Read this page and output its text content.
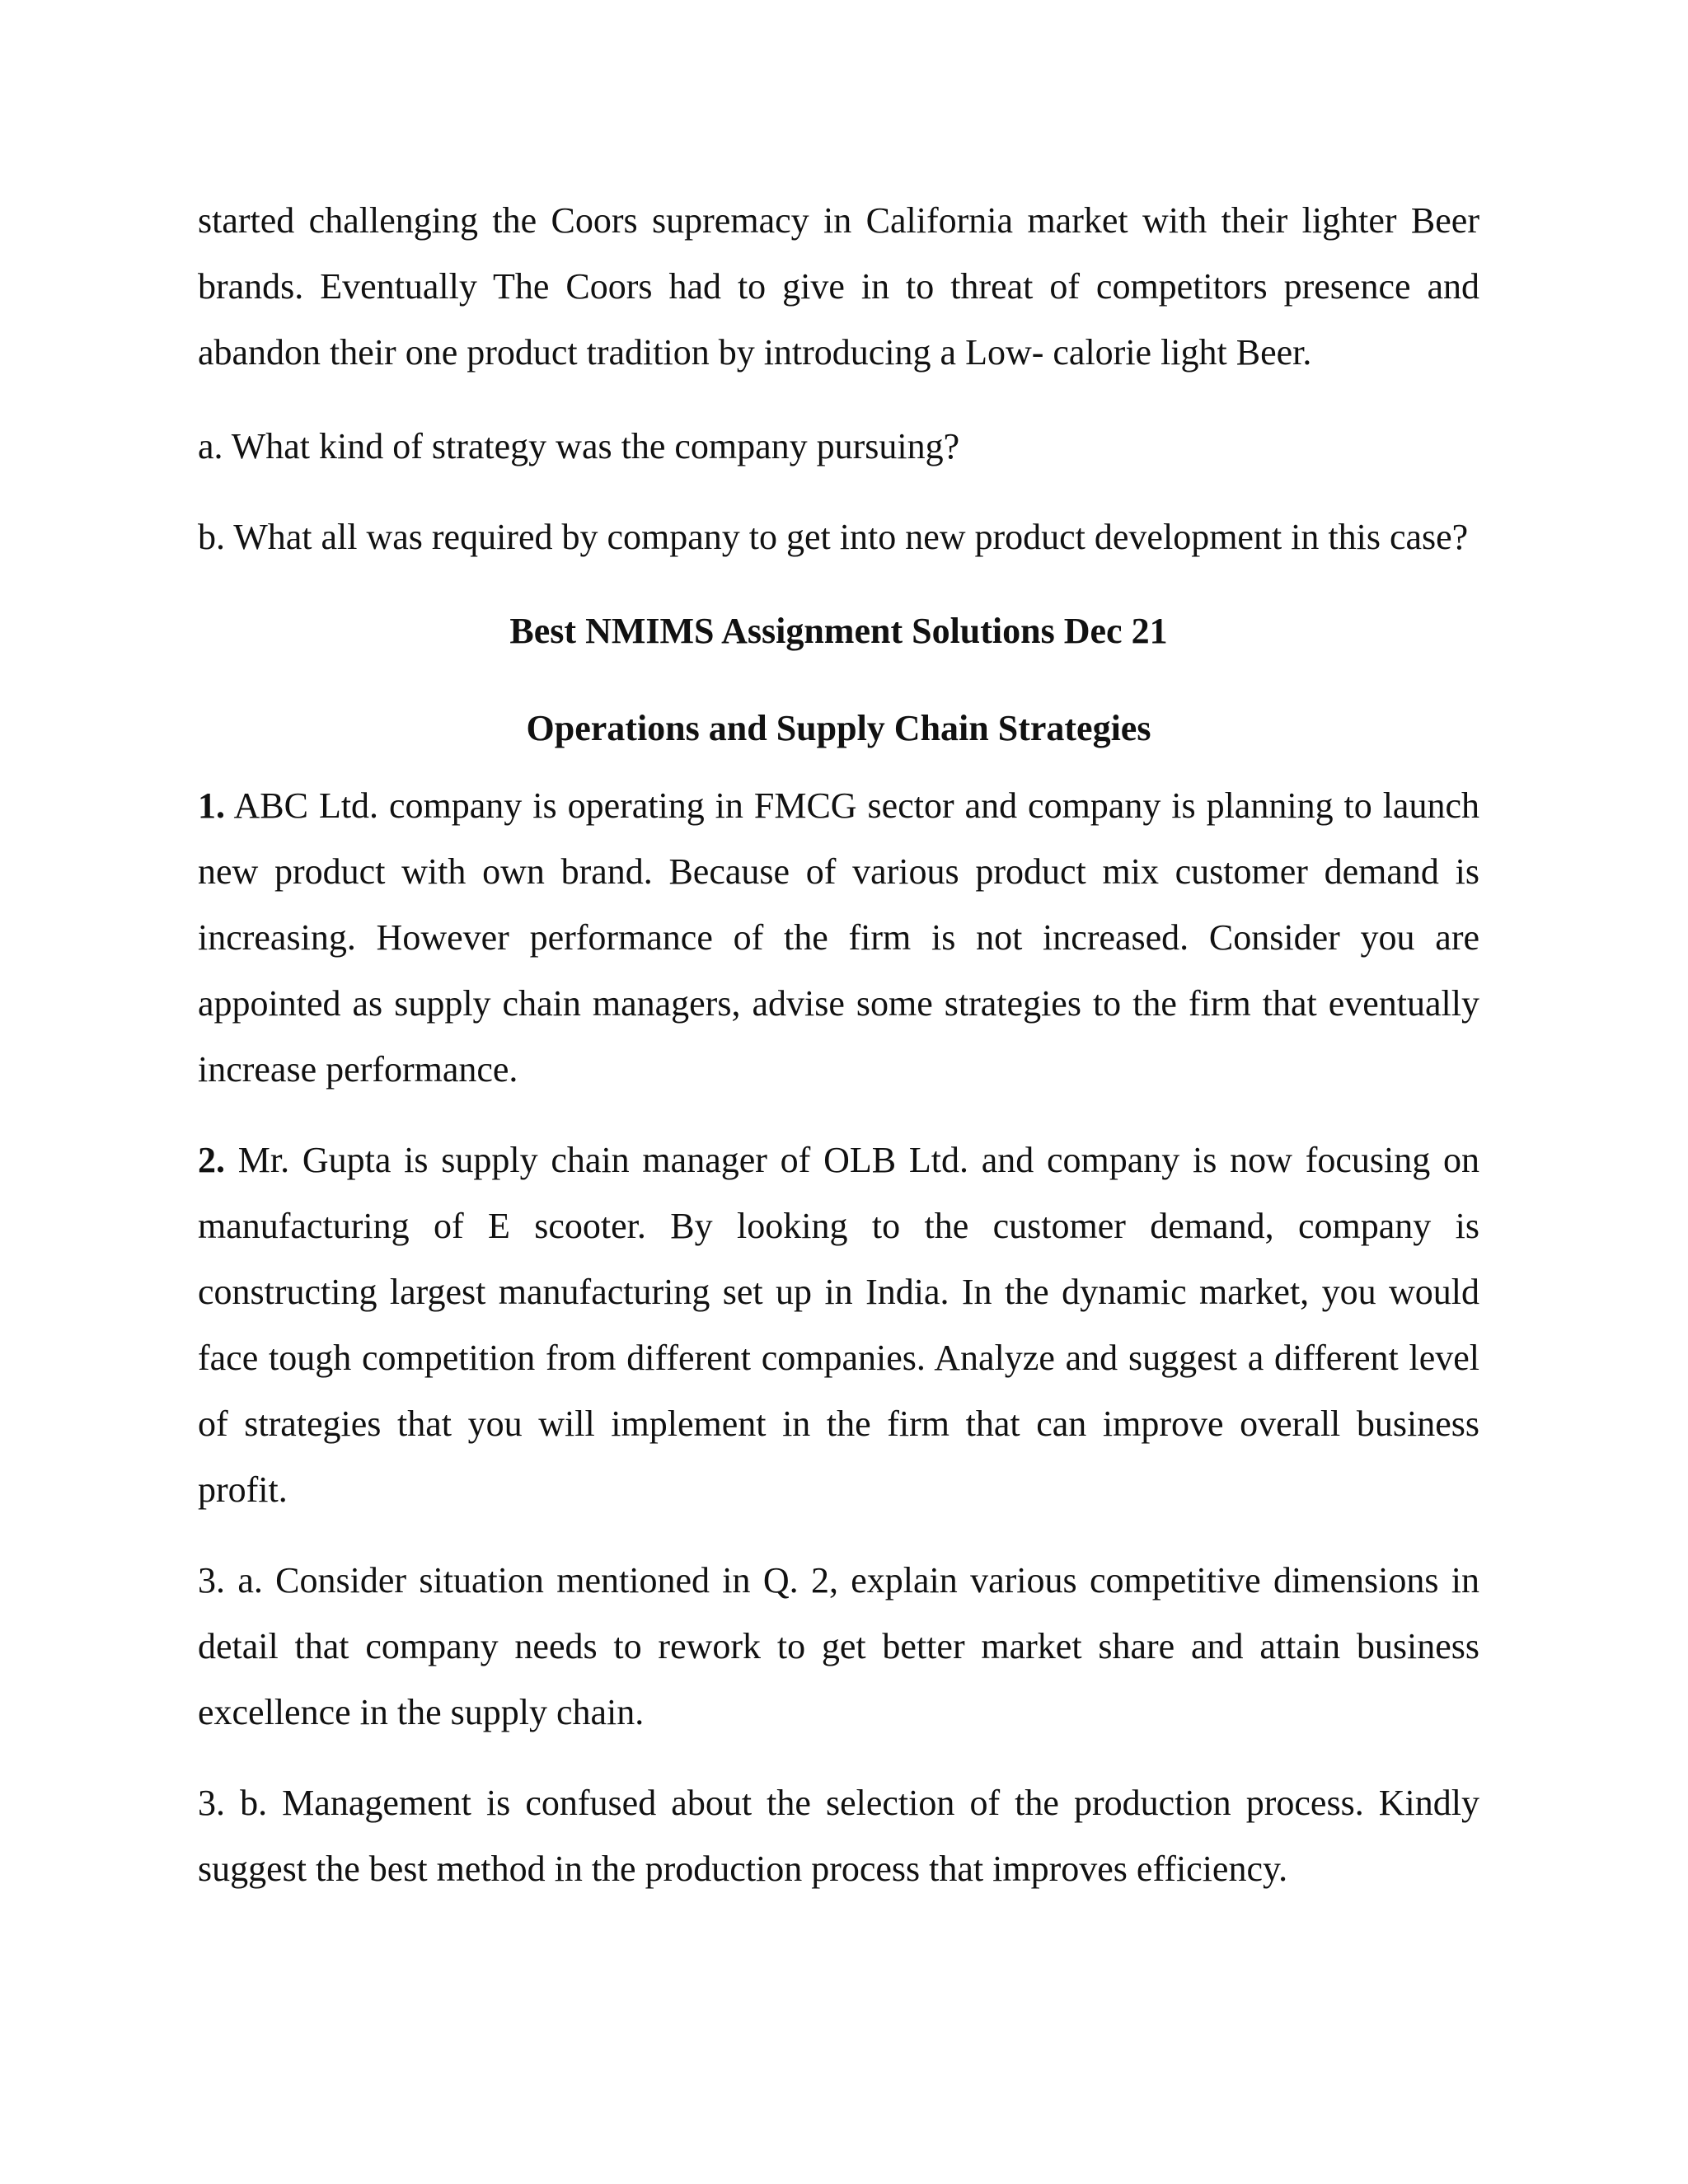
started challenging the Coors supremacy in California market with their lighter Beer brands. Eventually The Coors had to give in to threat of competitors presence and abandon their one product tradition by introducing a Low- calorie light Beer.

a. What kind of strategy was the company pursuing?

b. What all was required by company to get into new product development in this case?

Best NMIMS Assignment Solutions Dec 21

Operations and Supply Chain Strategies

1. ABC Ltd. company is operating in FMCG sector and company is planning to launch new product with own brand. Because of various product mix customer demand is increasing. However performance of the firm is not increased. Consider you are appointed as supply chain managers, advise some strategies to the firm that eventually increase performance.

2. Mr. Gupta is supply chain manager of OLB Ltd. and company is now focusing on manufacturing of E scooter. By looking to the customer demand, company is constructing largest manufacturing set up in India. In the dynamic market, you would face tough competition from different companies. Analyze and suggest a different level of strategies that you will implement in the firm that can improve overall business profit.

3. a. Consider situation mentioned in Q. 2, explain various competitive dimensions in detail that company needs to rework to get better market share and attain business excellence in the supply chain.

3. b. Management is confused about the selection of the production process. Kindly suggest the best method in the production process that improves efficiency.
